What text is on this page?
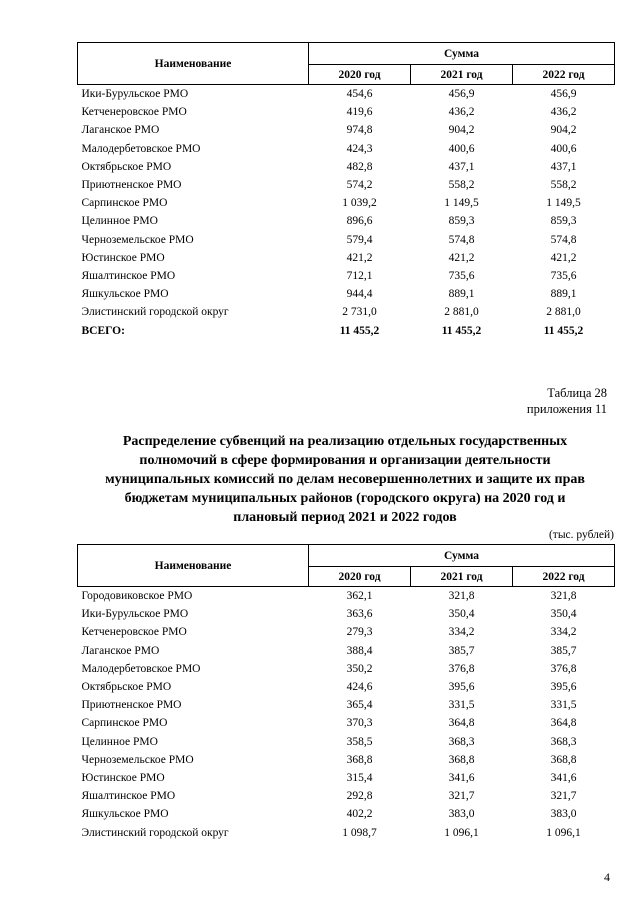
Наименование	Сумма		
	2020 год	2021 год	2022 год
Ики-Бурульское РМО	454,6	456,9	456,9
Кетченеровское РМО	419,6	436,2	436,2
Лаганское РМО	974,8	904,2	904,2
Малодербетовское РМО	424,3	400,6	400,6
Октябрьское РМО	482,8	437,1	437,1
Приютненское РМО	574,2	558,2	558,2
Сарпинское РМО	1 039,2	1 149,5	1 149,5
Целинное РМО	896,6	859,3	859,3
Черноземельское РМО	579,4	574,8	574,8
Юстинское РМО	421,2	421,2	421,2
Яшалтинское РМО	712,1	735,6	735,6
Яшкульское РМО	944,4	889,1	889,1
Элистинский городской округ	2 731,0	2 881,0	2 881,0
ВСЕГО:	11 455,2	11 455,2	11 455,2
Таблица 28
приложения 11
Распределение субвенций на реализацию отдельных государственных
полномочий в сфере формирования и организации деятельности
муниципальных комиссий по делам несовершеннолетних и защите их прав
бюджетам муниципальных районов (городского округа) на 2020 год и
плановый период 2021 и 2022 годов
(тыс. рублей)
Наименование	Сумма		
	2020 год	2021 год	2022 год
Городовиковское РМО	362,1	321,8	321,8
Ики-Бурульское РМО	363,6	350,4	350,4
Кетченеровское РМО	279,3	334,2	334,2
Лаганское РМО	388,4	385,7	385,7
Малодербетовское РМО	350,2	376,8	376,8
Октябрьское РМО	424,6	395,6	395,6
Приютненское РМО	365,4	331,5	331,5
Сарпинское РМО	370,3	364,8	364,8
Целинное РМО	358,5	368,3	368,3
Черноземельское РМО	368,8	368,8	368,8
Юстинское РМО	315,4	341,6	341,6
Яшалтинское РМО	292,8	321,7	321,7
Яшкульское РМО	402,2	383,0	383,0
Элистинский городской округ	1 098,7	1 096,1	1 096,1
4
